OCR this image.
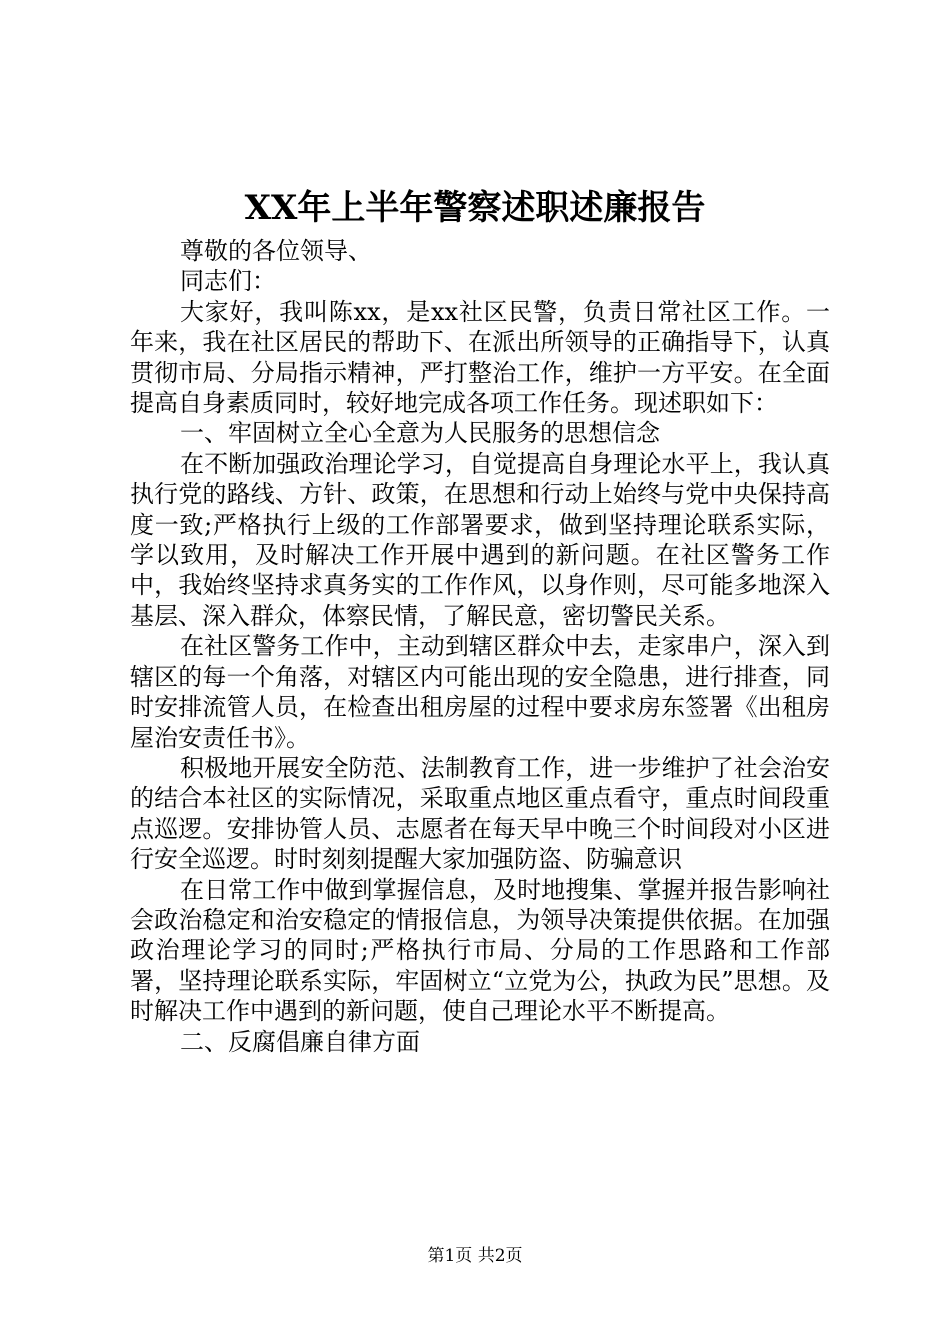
XX年上半年警察述职述廉报告

尊敬的各位领导、

同志们：

大家好，我叫陈xx，是xx社区民警，负责日常社区工作。一年来，我在社区居民的帮助下、在派出所领导的正确指导下，认真贯彻市局、分局指示精神，严打整治工作，维护一方平安。在全面提高自身素质同时，较好地完成各项工作任务。现述职如下：

一、牢固树立全心全意为人民服务的思想信念

在不断加强政治理论学习，自觉提高自身理论水平上，我认真执行党的路线、方针、政策，在思想和行动上始终与党中央保持高度一致;严格执行上级的工作部署要求，做到坚持理论联系实际，学以致用，及时解决工作开展中遇到的新问题。在社区警务工作中，我始终坚持求真务实的工作作风，以身作则，尽可能多地深入基层、深入群众，体察民情，了解民意，密切警民关系。

在社区警务工作中，主动到辖区群众中去，走家串户，深入到辖区的每一个角落，对辖区内可能出现的安全隐患，进行排查，同时安排流管人员，在检查出租房屋的过程中要求房东签署《出租房屋治安责任书》。

积极地开展安全防范、法制教育工作，进一步维护了社会治安的结合本社区的实际情况，采取重点地区重点看守，重点时间段重点巡逻。安排协管人员、志愿者在每天早中晚三个时间段对小区进行安全巡逻。时时刻刻提醒大家加强防盗、防骗意识

在日常工作中做到掌握信息，及时地搜集、掌握并报告影响社会政治稳定和治安稳定的情报信息，为领导决策提供依据。在加强政治理论学习的同时;严格执行市局、分局的工作思路和工作部署，坚持理论联系实际，牢固树立“立党为公，执政为民”思想。及时解决工作中遇到的新问题，使自己理论水平不断提高。

二、反腐倡廉自律方面

第1页 共2页
